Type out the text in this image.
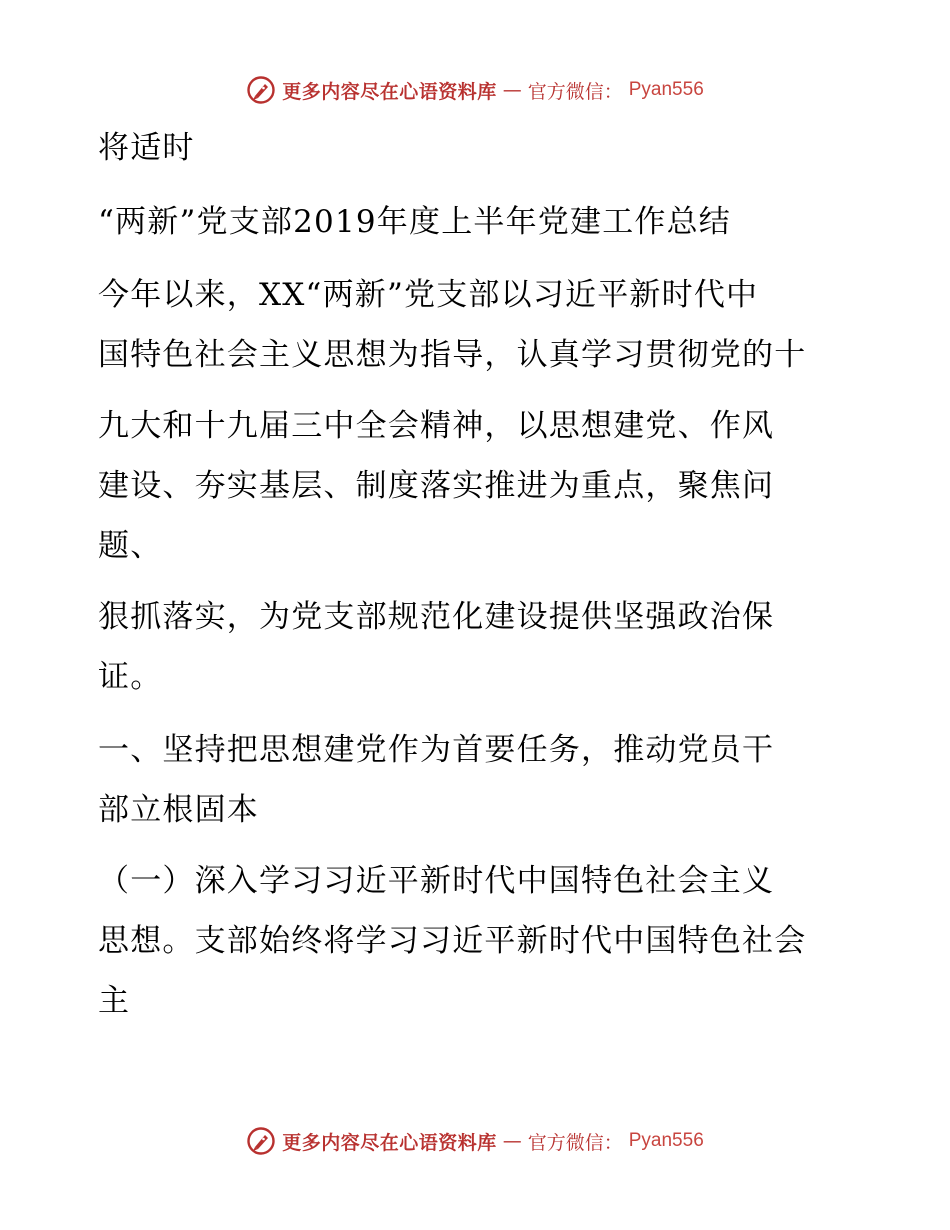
更多内容尽在心语资料库 — 官方微信： Pyan556
将适时
“两新”党支部2019年度上半年党建工作总结
今年以来，XX“两新”党支部以习近平新时代中
国特色社会主义思想为指导，认真学习贯彻党的十
九大和十九届三中全会精神，以思想建党、作风
建设、夯实基层、制度落实推进为重点，聚焦问
题、
狠抓落实，为党支部规范化建设提供坚强政治保
证。
一、坚持把思想建党作为首要任务，推动党员干
部立根固本
（一）深入学习习近平新时代中国特色社会主义
思想。支部始终将学习习近平新时代中国特色社会
主
更多内容尽在心语资料库 — 官方微信： Pyan556
